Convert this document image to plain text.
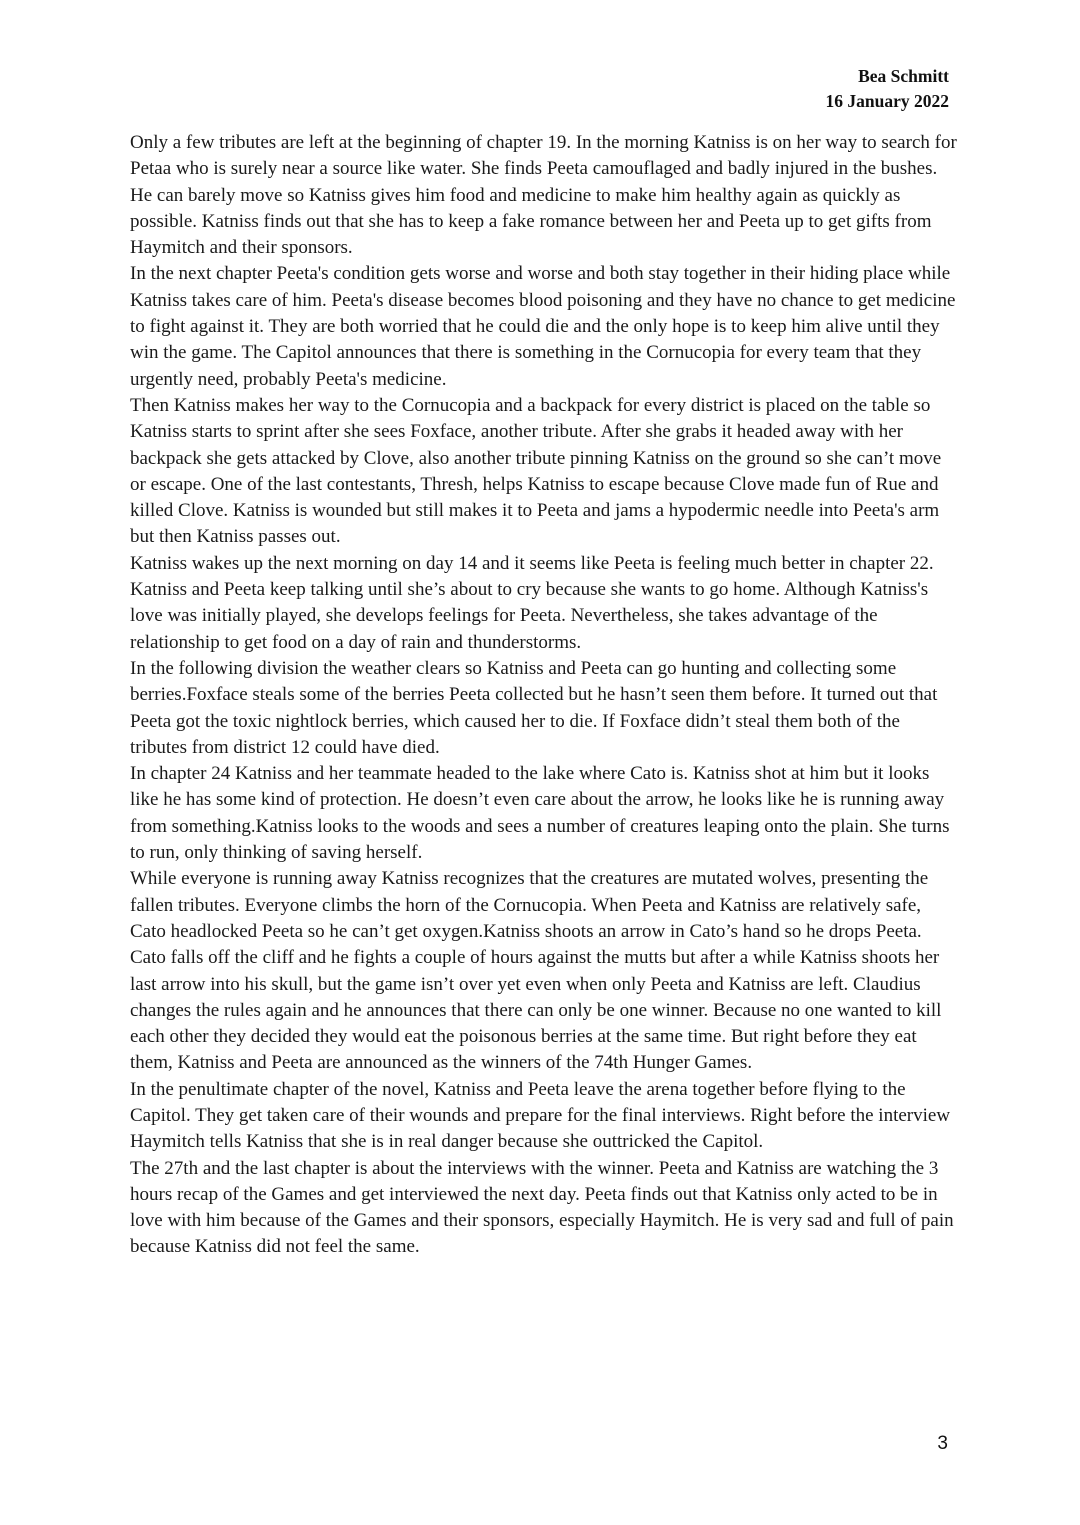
Bea Schmitt
16 January 2022

Only a few tributes are left at the beginning of chapter 19. In the morning Katniss is on her way to search for Petaa who is surely near a source like water. She finds Peeta camouflaged and badly injured in the bushes. He can barely move so Katniss gives him food and medicine to make him healthy again as quickly as possible. Katniss finds out that she has to keep a fake romance between her and Peeta up to get gifts from Haymitch and their sponsors.

In the next chapter Peeta's condition gets worse and worse and both stay together in their hiding place while Katniss takes care of him. Peeta's disease becomes blood poisoning and they have no chance to get medicine to fight against it. They are both worried that he could die and the only hope is to keep him alive until they win the game. The Capitol announces that there is something in the Cornucopia for every team that they urgently need, probably Peeta's medicine.

Then Katniss makes her way to the Cornucopia and a backpack for every district is placed on the table so Katniss starts to sprint after she sees Foxface, another tribute. After she grabs it headed away with her backpack she gets attacked by Clove, also another tribute pinning Katniss on the ground so she can’t move or escape. One of the last contestants, Thresh, helps Katniss to escape because Clove made fun of Rue and killed Clove. Katniss is wounded but still makes it to Peeta and jams a hypodermic needle into Peeta's arm but then Katniss passes out.

Katniss wakes up the next morning on day 14 and it seems like Peeta is feeling much better in chapter 22. Katniss and Peeta keep talking until she’s about to cry because she wants to go home. Although Katniss's love was initially played, she develops feelings for Peeta. Nevertheless, she takes advantage of the relationship to get food on a day of rain and thunderstorms.

In the following division the weather clears so Katniss and Peeta can go hunting and collecting some berries.Foxface steals some of the berries Peeta collected but he hasn’t seen them before. It turned out that Peeta got the toxic nightlock berries, which caused her to die. If Foxface didn’t steal them both of the tributes from district 12 could have died.

In chapter 24 Katniss and her teammate headed to the lake where Cato is. Katniss shot at him but it looks like he has some kind of protection. He doesn’t even care about the arrow, he looks like he is running away from something.Katniss looks to the woods and sees a number of creatures leaping onto the plain. She turns to run, only thinking of saving herself.

While everyone is running away Katniss recognizes that the creatures are mutated wolves, presenting the fallen tributes. Everyone climbs the horn of the Cornucopia. When Peeta and Katniss are relatively safe, Cato headlocked Peeta so he can’t get oxygen.Katniss shoots an arrow in Cato’s hand so he drops Peeta. Cato falls off the cliff and he fights a couple of hours against the mutts but after a while Katniss shoots her last arrow into his skull, but the game isn’t over yet even when only Peeta and Katniss are left. Claudius changes the rules again and he announces that there can only be one winner. Because no one wanted to kill each other they decided they would eat the poisonous berries at the same time. But right before they eat them, Katniss and Peeta are announced as the winners of the 74th Hunger Games.

In the penultimate chapter of the novel, Katniss and Peeta leave the arena together before flying to the Capitol. They get taken care of their wounds and prepare for the final interviews. Right before the interview Haymitch tells Katniss that she is in real danger because she outtricked the Capitol.

The 27th and the last chapter is about the interviews with the winner. Peeta and Katniss are watching the 3 hours recap of the Games and get interviewed the next day. Peeta finds out that Katniss only acted to be in love with him because of the Games and their sponsors, especially Haymitch. He is very sad and full of pain because Katniss did not feel the same.

3
